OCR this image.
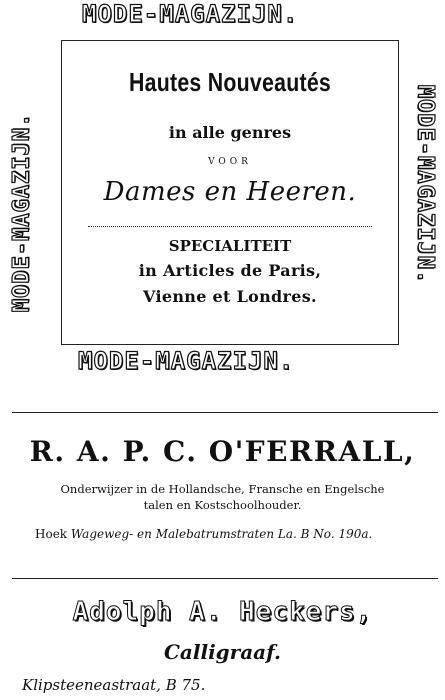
MODE-MAGAZIJN.
MODE-MAGAZIJN.	MODE-MAGAZIJN.
MODE-MAGAZIJN.
Hautes Nouveautés
in alle genres
VOOR
Dames en Heeren.
SPECIALITEIT
in Articles de Paris,
Vienne et Londres.
R. A. P. C. O'FERRALL,
Onderwijzer in de Hollandsche, Fransche en Engelsche
talen en Kostschoolhouder.
Hoek Wageweg- en Malebatrumstraten La. B No. 190a.
Adolph A. Heckers,
Calligraaf.
Klipsteeneastraat, B 75.
